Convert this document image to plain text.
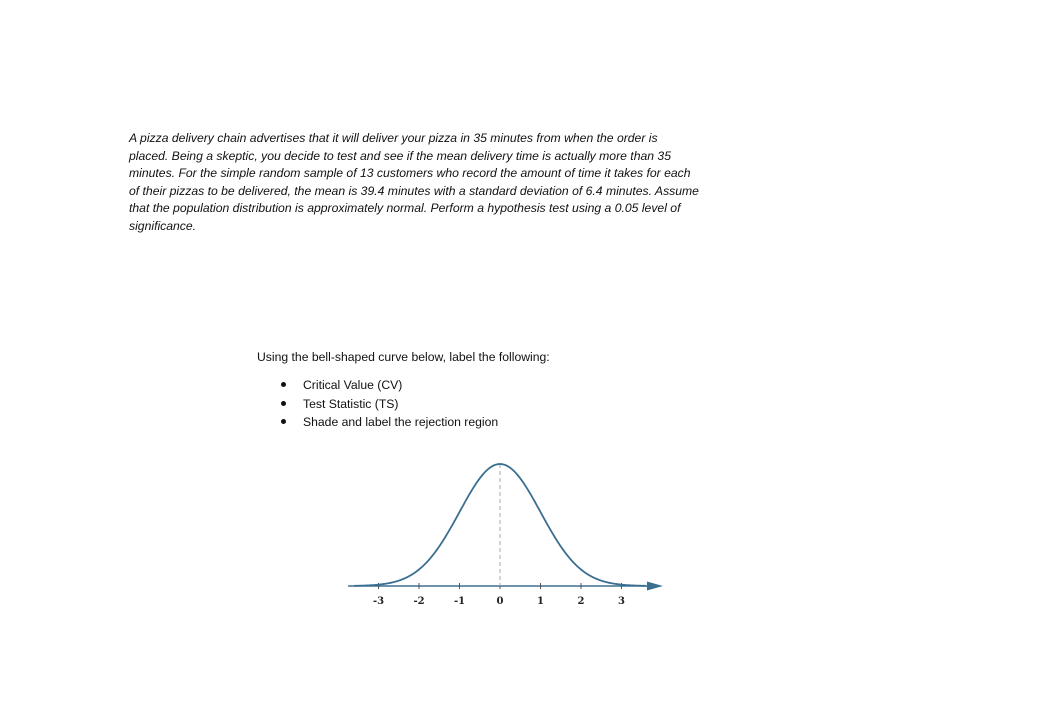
A pizza delivery chain advertises that it will deliver your pizza in 35 minutes from when the order is placed. Being a skeptic, you decide to test and see if the mean delivery time is actually more than 35 minutes. For the simple random sample of 13 customers who record the amount of time it takes for each of their pizzas to be delivered, the mean is 39.4 minutes with a standard deviation of 6.4 minutes. Assume that the population distribution is approximately normal. Perform a hypothesis test using a 0.05 level of significance.

Using the bell-shaped curve below, label the following:

Critical Value (CV)
Test Statistic (TS)
Shade and label the rejection region
-3	-2	-1	0	1	2	3
